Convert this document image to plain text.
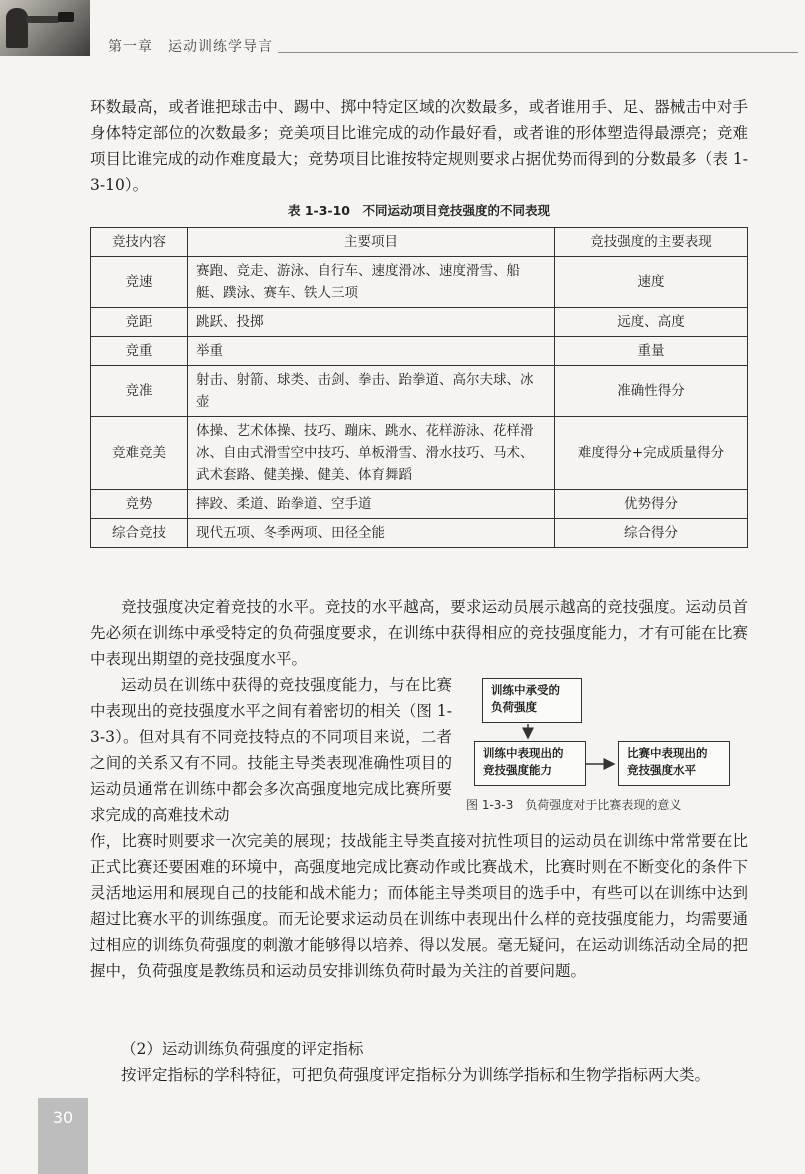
第一章　运动训练学导言

环数最高，或者谁把球击中、踢中、掷中特定区域的次数最多，或者谁用手、足、器械击中对手身体特定部位的次数最多；竞美项目比谁完成的动作最好看，或者谁的形体塑造得最漂亮；竞难项目比谁完成的动作难度最大；竞势项目比谁按特定规则要求占据优势而得到的分数最多（表 1-3-10）。

表 1-3-10　不同运动项目竞技强度的不同表现
竞技内容	主要项目	竞技强度的主要表现
竞速	赛跑、竞走、游泳、自行车、速度滑冰、速度滑雪、船艇、蹼泳、赛车、铁人三项	速度
竞距	跳跃、投掷	远度、高度
竞重	举重	重量
竞准	射击、射箭、球类、击剑、拳击、跆拳道、高尔夫球、冰壶	准确性得分
竞难竞美	体操、艺术体操、技巧、蹦床、跳水、花样游泳、花样滑冰、自由式滑雪空中技巧、单板滑雪、滑水技巧、马术、武术套路、健美操、健美、体育舞蹈	难度得分+完成质量得分
竞势	摔跤、柔道、跆拳道、空手道	优势得分
综合竞技	现代五项、冬季两项、田径全能	综合得分

竞技强度决定着竞技的水平。竞技的水平越高，要求运动员展示越高的竞技强度。运动员首先必须在训练中承受特定的负荷强度要求，在训练中获得相应的竞技强度能力，才有可能在比赛中表现出期望的竞技强度水平。

运动员在训练中获得的竞技强度能力，与在比赛中表现出的竞技强度水平之间有着密切的相关（图 1-3-3）。但对具有不同竞技特点的不同项目来说，二者之间的关系又有不同。技能主导类表现准确性项目的运动员通常在训练中都会多次高强度地完成比赛所要求完成的高难技术动

训练中承受的
负荷强度
训练中表现出的
竞技强度能力
比赛中表现出的
竞技强度水平
图 1-3-3　负荷强度对于比赛表现的意义

作，比赛时则要求一次完美的展现；技战能主导类直接对抗性项目的运动员在训练中常常要在比正式比赛还要困难的环境中，高强度地完成比赛动作或比赛战术，比赛时则在不断变化的条件下灵活地运用和展现自己的技能和战术能力；而体能主导类项目的选手中，有些可以在训练中达到超过比赛水平的训练强度。而无论要求运动员在训练中表现出什么样的竞技强度能力，均需要通过相应的训练负荷强度的刺激才能够得以培养、得以发展。毫无疑问，在运动训练活动全局的把握中，负荷强度是教练员和运动员安排训练负荷时最为关注的首要问题。

（2）运动训练负荷强度的评定指标

按评定指标的学科特征，可把负荷强度评定指标分为训练学指标和生物学指标两大类。

30
